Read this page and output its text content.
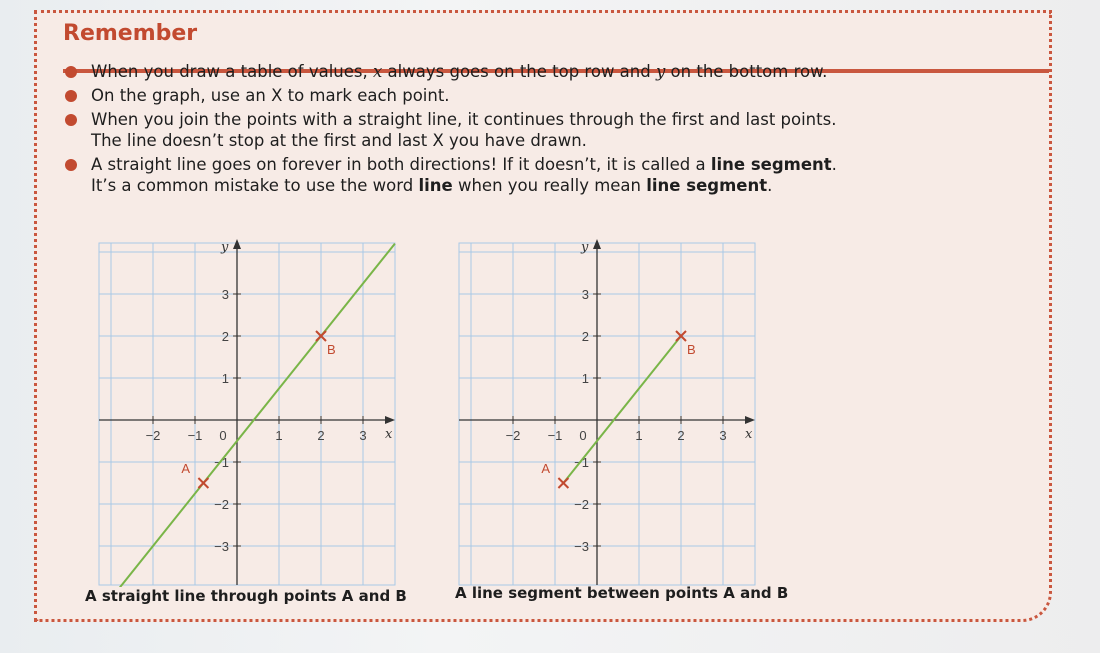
Remember
When you draw a table of values, x always goes on the top row and y on the bottom row.
On the graph, use an X to mark each point.
When you join the points with a straight line, it continues through the first and last points.
The line doesn’t stop at the first and last X you have drawn.
A straight line goes on forever in both directions! If it doesn’t, it is called a line segment.
It’s a common mistake to use the word line when you really mean line segment.
x
y
−2 −1 0	1	2	3
3
2
1
−1
−2
−3
A
B
x
y
−2 −1 0	1	2	3
3
2
1
−1
−2
−3
A
B
A straight line through points A and B	A line segment between points A and B
